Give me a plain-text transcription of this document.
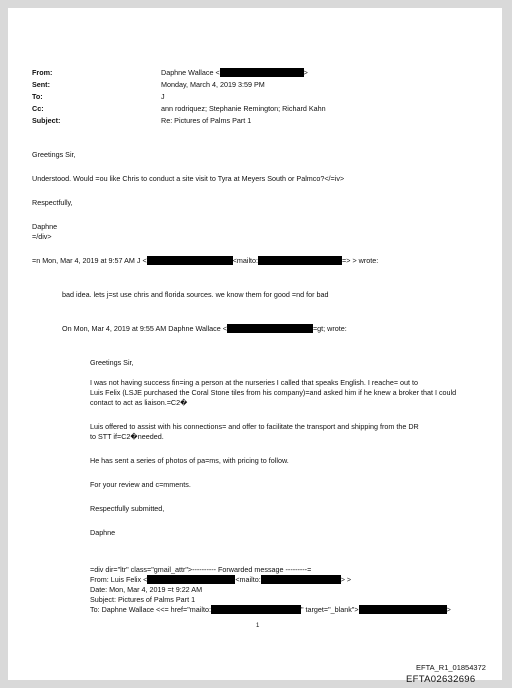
From:	Daphne Wallace <	>
Sent:	Monday, March 4, 2019 3:59 PM
To:	J
Cc:	ann rodriquez; Stephanie Remington; Richard Kahn
Subject:	Re: Pictures of Palms Part 1
Greetings Sir,
Understood. Would =ou like Chris to conduct a site visit to Tyra at Meyers South or Palmco?</=iv>
Respectfully,
Daphne
=/div>
=n Mon, Mar 4, 2019 at 9:57 AM J <	<mailto:	=> > wrote:
bad idea. lets j=st use chris and florida sources. we know them for good =nd for bad
On Mon, Mar 4, 2019 at 9:55 AM Daphne Wallace <	=gt; wrote:
Greetings Sir,
I was not having success fin=ing a person at the nurseries I called that speaks English. I reache= out to
Luis Felix (LSJE purchased the Coral Stone tiles from his company)=and asked him if he knew a broker that I could
contact to act as liaison.=C2�
Luis offered to assist with his connections= and offer to facilitate the transport and shipping from the DR
to STT if=C2�needed.
He has sent a series of photos of pa=ms, with pricing to follow.
For your review and c=mments.
Respectfully submitted,
Daphne
=div dir="ltr" class="gmail_attr">---------- Forwarded message ---------=
From: Luis Felix <	<mailto:	> >
Date: Mon, Mar 4, 2019 =t 9:22 AM
Subject: Pictures of Palms Part 1
To: Daphne Wallace <<= href="mailto:	" target="_blank">	>
1
EFTA_R1_01854372
EFTA02632696
